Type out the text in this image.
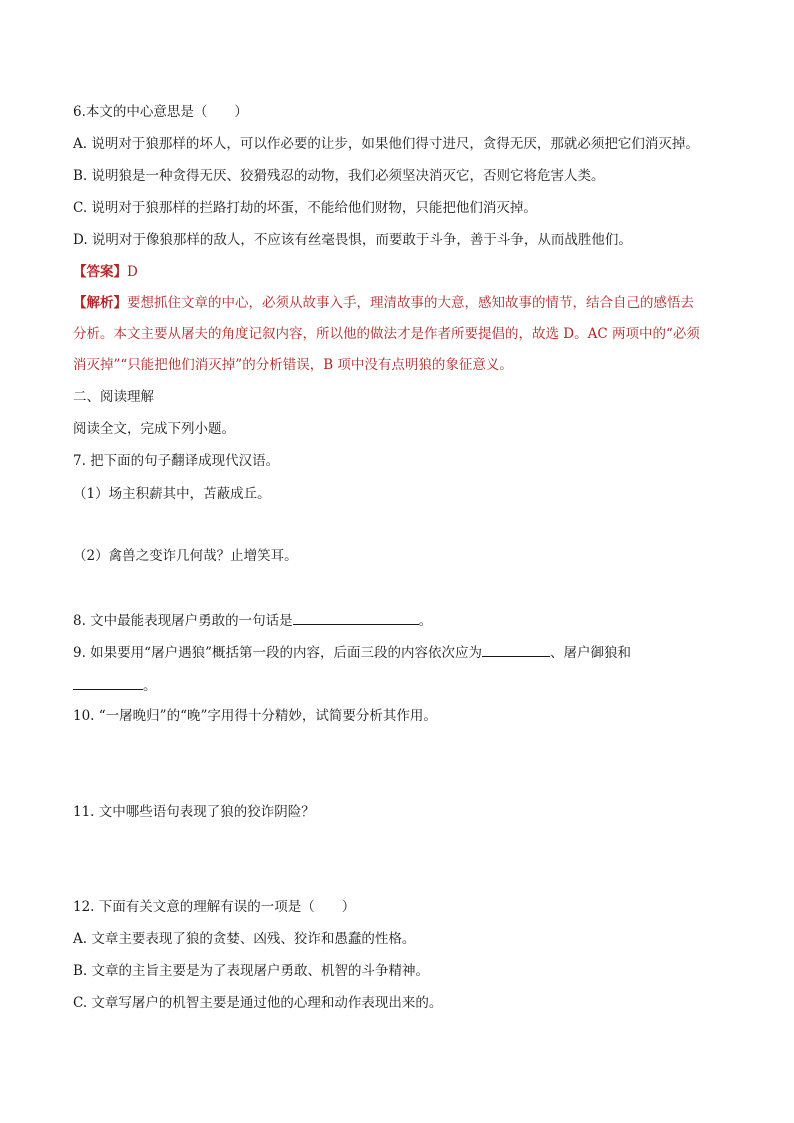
6.本文的中心意思是（　　）
A. 说明对于狼那样的坏人，可以作必要的让步，如果他们得寸进尺，贪得无厌，那就必须把它们消灭掉。
B. 说明狼是一种贪得无厌、狡猾残忍的动物，我们必须坚决消灭它，否则它将危害人类。
C. 说明对于狼那样的拦路打劫的坏蛋，不能给他们财物，只能把他们消灭掉。
D. 说明对于像狼那样的敌人，不应该有丝毫畏惧，而要敢于斗争，善于斗争，从而战胜他们。
【答案】D
【解析】要想抓住文章的中心，必须从故事入手，理清故事的大意，感知故事的情节，结合自己的感悟去
分析。本文主要从屠夫的角度记叙内容，所以他的做法才是作者所要提倡的，故选 D。AC 两项中的“必须
消灭掉”“只能把他们消灭掉”的分析错误，B 项中没有点明狼的象征意义。
二、阅读理解
阅读全文，完成下列小题。
7. 把下面的句子翻译成现代汉语。
（1）场主积薪其中，苫蔽成丘。
（2）禽兽之变诈几何哉？止增笑耳。
8. 文中最能表现屠户勇敢的一句话是	。
9. 如果要用“屠户遇狼”概括第一段的内容，后面三段的内容依次应为	、屠户御狼和
。
10. “一屠晚归”的“晚”字用得十分精妙，试简要分析其作用。
11. 文中哪些语句表现了狼的狡诈阴险？
12. 下面有关文意的理解有误的一项是（　　）
A. 文章主要表现了狼的贪婪、凶残、狡诈和愚蠢的性格。
B. 文章的主旨主要是为了表现屠户勇敢、机智的斗争精神。
C. 文章写屠户的机智主要是通过他的心理和动作表现出来的。
